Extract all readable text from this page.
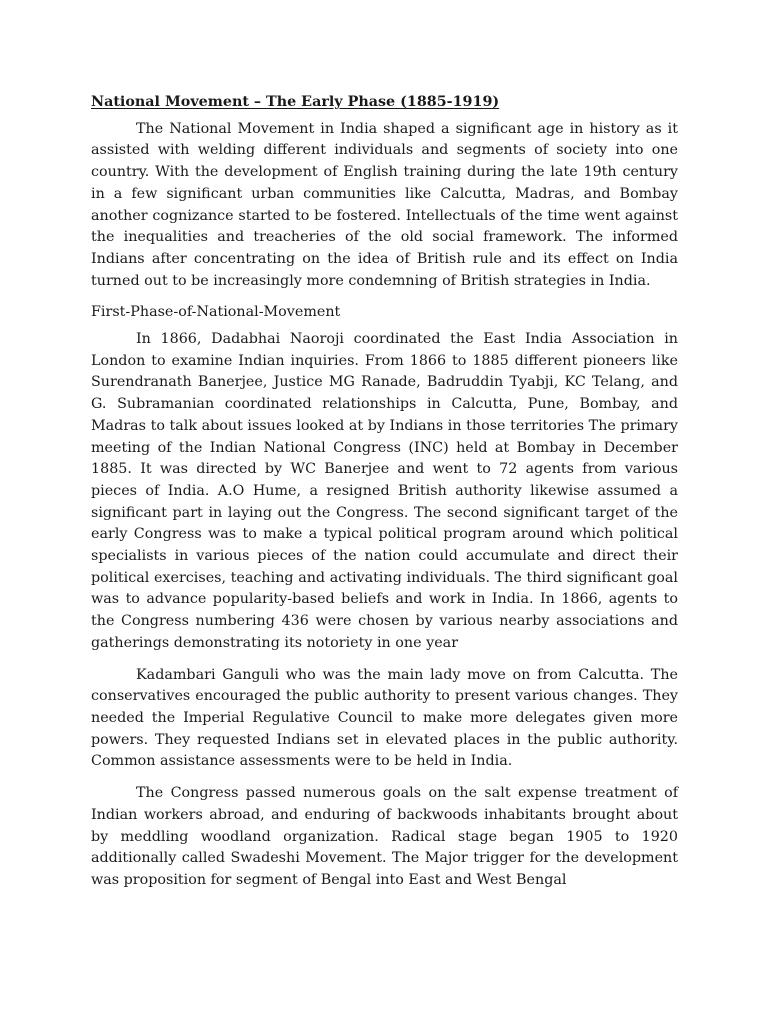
National Movement – The Early Phase (1885-1919)

The National Movement in India shaped a significant age in history as it assisted with welding different individuals and segments of society into one country. With the development of English training during the late 19th century in a few significant urban communities like Calcutta, Madras, and Bombay another cognizance started to be fostered. Intellectuals of the time went against the inequalities and treacheries of the old social framework. The informed Indians after concentrating on the idea of British rule and its effect on India turned out to be increasingly more condemning of British strategies in India.

First-Phase-of-National-Movement

In 1866, Dadabhai Naoroji coordinated the East India Association in London to examine Indian inquiries. From 1866 to 1885 different pioneers like Surendranath Banerjee, Justice MG Ranade, Badruddin Tyabji, KC Telang, and G. Subramanian coordinated relationships in Calcutta, Pune, Bombay, and Madras to talk about issues looked at by Indians in those territories The primary meeting of the Indian National Congress (INC) held at Bombay in December 1885. It was directed by WC Banerjee and went to 72 agents from various pieces of India. A.O Hume, a resigned British authority likewise assumed a significant part in laying out the Congress. The second significant target of the early Congress was to make a typical political program around which political specialists in various pieces of the nation could accumulate and direct their political exercises, teaching and activating individuals. The third significant goal was to advance popularity-based beliefs and work in India. In 1866, agents to the Congress numbering 436 were chosen by various nearby associations and gatherings demonstrating its notoriety in one year

Kadambari Ganguli who was the main lady move on from Calcutta. The conservatives encouraged the public authority to present various changes. They needed the Imperial Regulative Council to make more delegates given more powers. They requested Indians set in elevated places in the public authority. Common assistance assessments were to be held in India.

The Congress passed numerous goals on the salt expense treatment of Indian workers abroad, and enduring of backwoods inhabitants brought about by meddling woodland organization. Radical stage began 1905 to 1920 additionally called Swadeshi Movement. The Major trigger for the development was proposition for segment of Bengal into East and West Bengal
